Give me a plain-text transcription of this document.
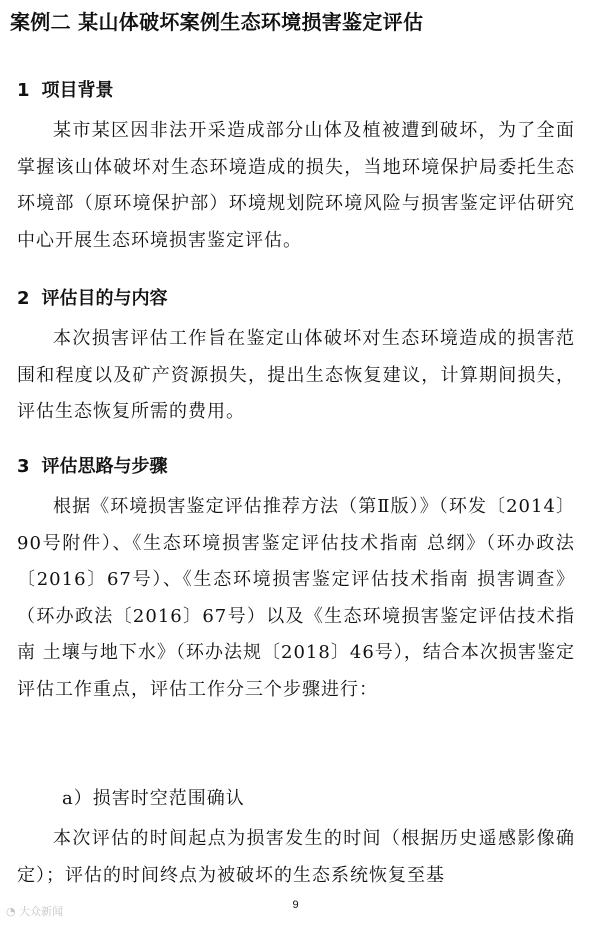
案例二 某山体破坏案例生态环境损害鉴定评估
1 项目背景

某市某区因非法开采造成部分山体及植被遭到破坏，为了全面掌握该山体破坏对生态环境造成的损失，当地环境保护局委托生态环境部（原环境保护部）环境规划院环境风险与损害鉴定评估研究中心开展生态环境损害鉴定评估。

2 评估目的与内容

本次损害评估工作旨在鉴定山体破坏对生态环境造成的损害范围和程度以及矿产资源损失，提出生态恢复建议，计算期间损失，评估生态恢复所需的费用。

3 评估思路与步骤

根据《环境损害鉴定评估推荐方法（第Ⅱ版）》（环发〔2014〕90号附件）、《生态环境损害鉴定评估技术指南 总纲》（环办政法〔2016〕67号）、《生态环境损害鉴定评估技术指南 损害调查》（环办政法〔2016〕67号）以及《生态环境损害鉴定评估技术指南 土壤与地下水》（环办法规〔2018〕46号），结合本次损害鉴定评估工作重点，评估工作分三个步骤进行：

a）损害时空范围确认

本次评估的时间起点为损害发生的时间（根据历史遥感影像确定）；评估的时间终点为被破坏的生态系统恢复至基

9
◔ 大众新闻
